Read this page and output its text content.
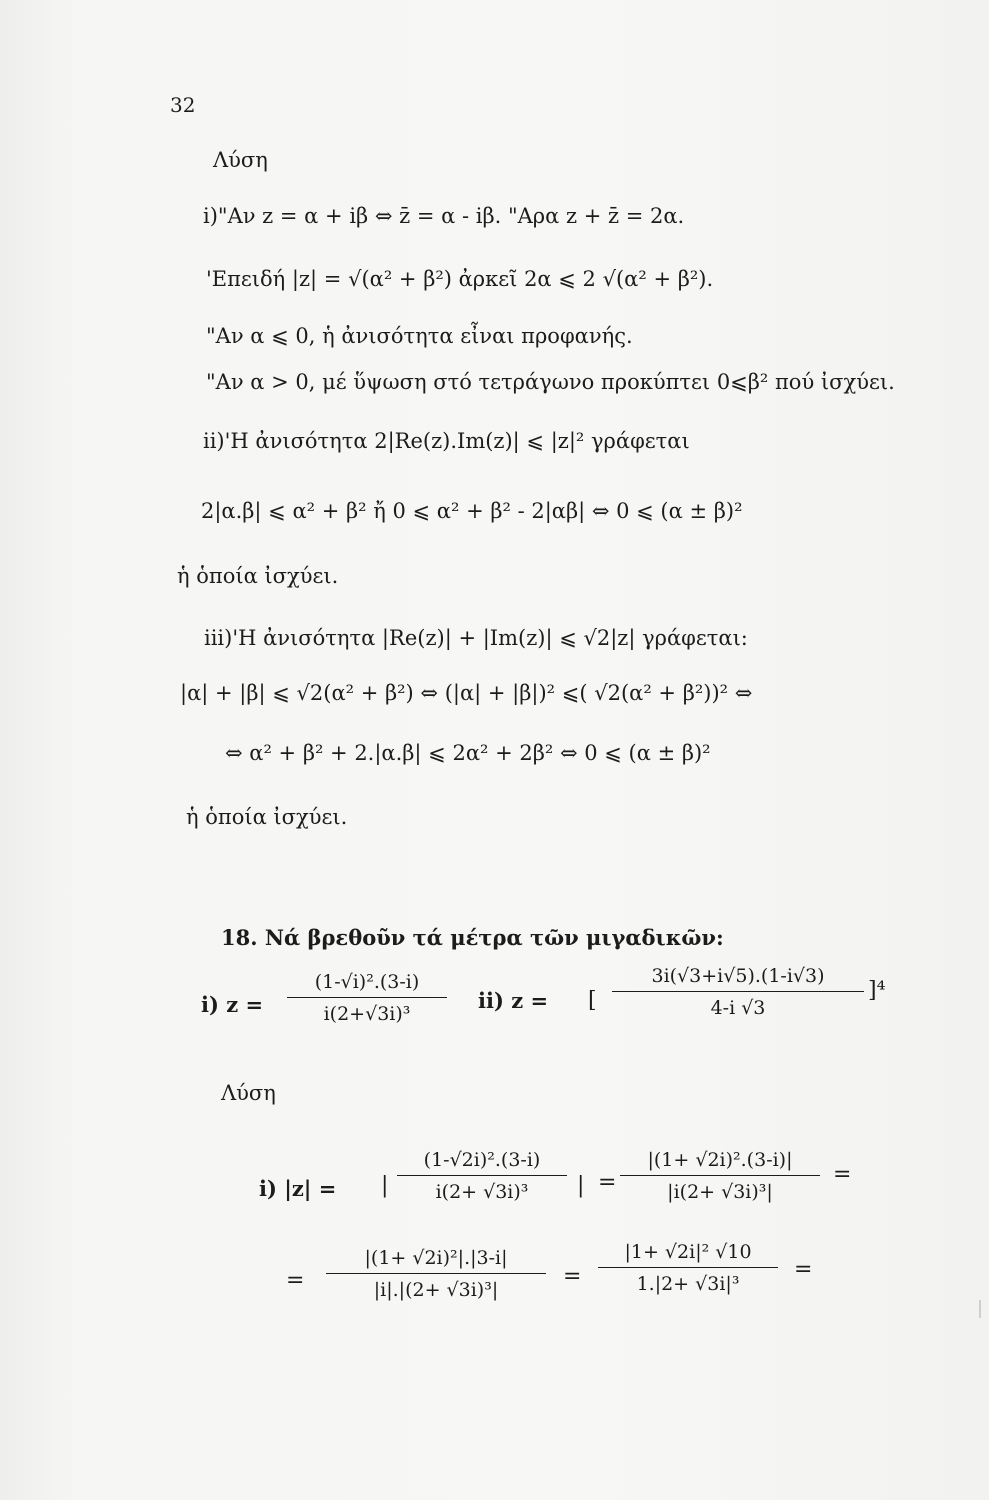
32
Λύση
i)"Αν z = α + iβ ⇔ z̄ = α - iβ. "Αρα z + z̄ = 2α.
'Επειδή |z| = √(α² + β²) ἀρκεῖ 2α ⩽ 2 √(α² + β²).
"Αν α ⩽ 0, ἡ ἀνισότητα εἶναι προφανής.
"Αν α > 0, μέ ὕψωση στό τετράγωνο προκύπτει 0⩽β² πού ἰσχύει.
ii)'Η ἀνισότητα 2|Re(z).Im(z)| ⩽ |z|² γράφεται
2|α.β| ⩽ α² + β² ἤ 0 ⩽ α² + β² - 2|αβ| ⇔ 0 ⩽ (α ± β)²
ἡ ὁποία ἰσχύει.
iii)'Η ἀνισότητα |Re(z)| + |Im(z)| ⩽ √2|z| γράφεται:
|α| + |β| ⩽ √2(α² + β²) ⇔ (|α| + |β|)² ⩽( √2(α² + β²))² ⇔
⇔ α² + β² + 2.|α.β| ⩽ 2α² + 2β² ⇔ 0 ⩽ (α ± β)²
ἡ ὁποία ἰσχύει.
18. Νά βρεθοῦν τά μέτρα τῶν μιγαδικῶν:
i) z =
(1-√i)².(3-i)
i(2+√3i)³
ii) z = [
3i(√3+i√5).(1-i√3)
4-i √3
]⁴
Λύση
i) |z| = |
(1-√2i)².(3-i)
i(2+ √3i)³	| =
|(1+ √2i)².(3-i)|
|i(2+ √3i)³|
=
=
|(1+ √2i)²|.|3-i|
|i|.|(2+ √3i)³|
=
|1+ √2i|² √10
1.|2+ √3i|³
=
